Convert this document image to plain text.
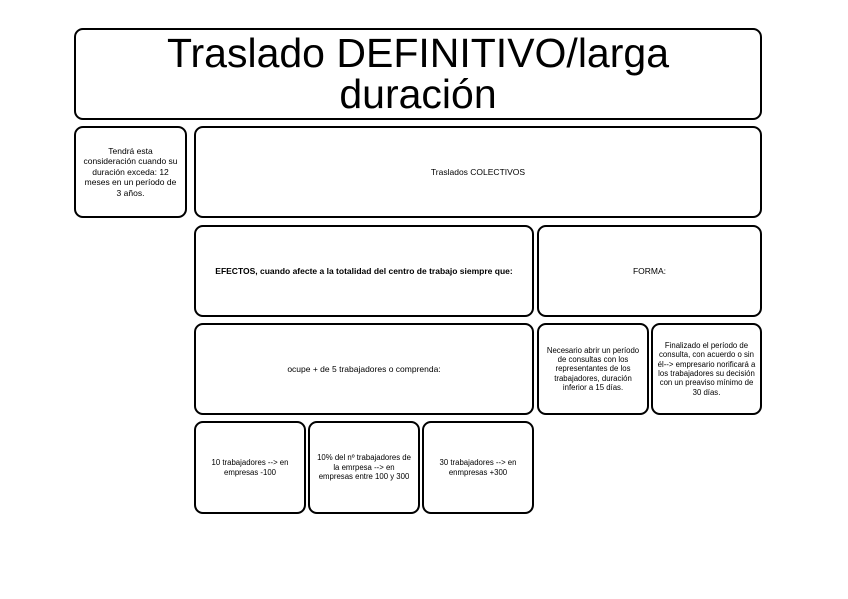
Traslado DEFINITIVO/larga duración
Tendrá esta consideración cuando su duración exceda: 12 meses en un período de 3 años.
Traslados COLECTIVOS
EFECTOS, cuando afecte a la totalidad del centro de trabajo siempre que:	FORMA:
ocupe + de 5 trabajadores o comprenda:
Necesario abrir un período de consultas con los representantes de los trabajadores, duración inferior a 15 días.
Finalizado el período de consulta, con acuerdo o sin él--> empresario norificará a los trabajadores su decisión con un preaviso mínimo de 30 días.
10 trabajadores --> en empresas -100
10% del nº trabajadores de la emrpesa --> en empresas entre 100 y 300
30 trabajadores --> en enmpresas +300
